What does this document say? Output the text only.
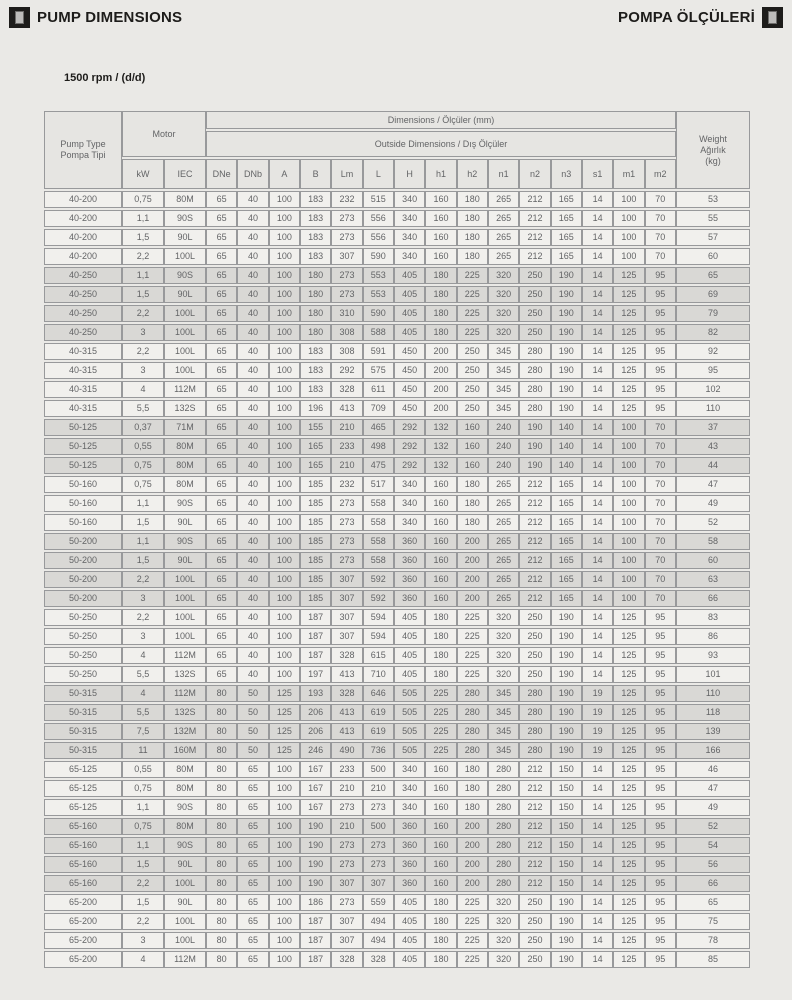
PUMP DIMENSIONS	POMPA ÖLÇÜLERİ
1500 rpm / (d/d)
Pump Type
Pompa Tipi
	Motor	Dimensions / Ölçüler (mm)	
Weight
Ağırlık
(kg)

			Outside Dimensions / Dış Ölçüler															
	kW	IEC	DNe	DNb	A	B	Lm	L	H	h1	h2	n1	n2	n3	s1	m1	m2	
40-200	0,75	80M	65	40	100	183	232	515	340	160	180	265	212	165	14	100	70	53
40-200	1,1	90S	65	40	100	183	273	556	340	160	180	265	212	165	14	100	70	55
40-200	1,5	90L	65	40	100	183	273	556	340	160	180	265	212	165	14	100	70	57
40-200	2,2	100L	65	40	100	183	307	590	340	160	180	265	212	165	14	100	70	60
40-250	1,1	90S	65	40	100	180	273	553	405	180	225	320	250	190	14	125	95	65
40-250	1,5	90L	65	40	100	180	273	553	405	180	225	320	250	190	14	125	95	69
40-250	2,2	100L	65	40	100	180	310	590	405	180	225	320	250	190	14	125	95	79
40-250	3	100L	65	40	100	180	308	588	405	180	225	320	250	190	14	125	95	82
40-315	2,2	100L	65	40	100	183	308	591	450	200	250	345	280	190	14	125	95	92
40-315	3	100L	65	40	100	183	292	575	450	200	250	345	280	190	14	125	95	95
40-315	4	112M	65	40	100	183	328	611	450	200	250	345	280	190	14	125	95	102
40-315	5,5	132S	65	40	100	196	413	709	450	200	250	345	280	190	14	125	95	110
50-125	0,37	71M	65	40	100	155	210	465	292	132	160	240	190	140	14	100	70	37
50-125	0,55	80M	65	40	100	165	233	498	292	132	160	240	190	140	14	100	70	43
50-125	0,75	80M	65	40	100	165	210	475	292	132	160	240	190	140	14	100	70	44
50-160	0,75	80M	65	40	100	185	232	517	340	160	180	265	212	165	14	100	70	47
50-160	1,1	90S	65	40	100	185	273	558	340	160	180	265	212	165	14	100	70	49
50-160	1,5	90L	65	40	100	185	273	558	340	160	180	265	212	165	14	100	70	52
50-200	1,1	90S	65	40	100	185	273	558	360	160	200	265	212	165	14	100	70	58
50-200	1,5	90L	65	40	100	185	273	558	360	160	200	265	212	165	14	100	70	60
50-200	2,2	100L	65	40	100	185	307	592	360	160	200	265	212	165	14	100	70	63
50-200	3	100L	65	40	100	185	307	592	360	160	200	265	212	165	14	100	70	66
50-250	2,2	100L	65	40	100	187	307	594	405	180	225	320	250	190	14	125	95	83
50-250	3	100L	65	40	100	187	307	594	405	180	225	320	250	190	14	125	95	86
50-250	4	112M	65	40	100	187	328	615	405	180	225	320	250	190	14	125	95	93
50-250	5,5	132S	65	40	100	197	413	710	405	180	225	320	250	190	14	125	95	101
50-315	4	112M	80	50	125	193	328	646	505	225	280	345	280	190	19	125	95	110
50-315	5,5	132S	80	50	125	206	413	619	505	225	280	345	280	190	19	125	95	118
50-315	7,5	132M	80	50	125	206	413	619	505	225	280	345	280	190	19	125	95	139
50-315	11	160M	80	50	125	246	490	736	505	225	280	345	280	190	19	125	95	166
65-125	0,55	80M	80	65	100	167	233	500	340	160	180	280	212	150	14	125	95	46
65-125	0,75	80M	80	65	100	167	210	210	340	160	180	280	212	150	14	125	95	47
65-125	1,1	90S	80	65	100	167	273	273	340	160	180	280	212	150	14	125	95	49
65-160	0,75	80M	80	65	100	190	210	500	360	160	200	280	212	150	14	125	95	52
65-160	1,1	90S	80	65	100	190	273	273	360	160	200	280	212	150	14	125	95	54
65-160	1,5	90L	80	65	100	190	273	273	360	160	200	280	212	150	14	125	95	56
65-160	2,2	100L	80	65	100	190	307	307	360	160	200	280	212	150	14	125	95	66
65-200	1,5	90L	80	65	100	186	273	559	405	180	225	320	250	190	14	125	95	65
65-200	2,2	100L	80	65	100	187	307	494	405	180	225	320	250	190	14	125	95	75
65-200	3	100L	80	65	100	187	307	494	405	180	225	320	250	190	14	125	95	78
65-200	4	112M	80	65	100	187	328	328	405	180	225	320	250	190	14	125	95	85
